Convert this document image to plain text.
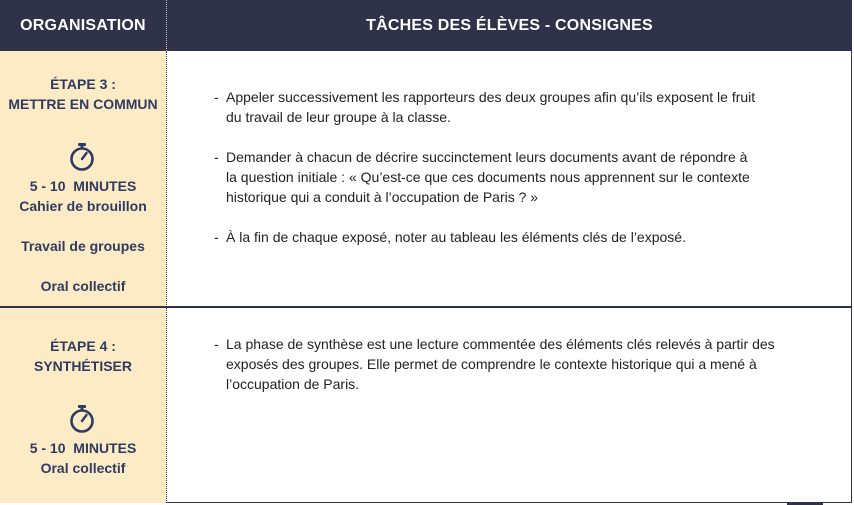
ORGANISATION	TÂCHES DES ÉLÈVES - CONSIGNES
ÉTAPE 3 :
METTRE EN COMMUN
5 - 10  MINUTES
Cahier de brouillon
Travail de groupes
Oral collectif
- Appeler successivement les rapporteurs des deux groupes afin qu’ils exposent le fruit
du travail de leur groupe à la classe.
- Demander à chacun de décrire succinctement leurs documents avant de répondre à
la question initiale : « Qu’est-ce que ces documents nous apprennent sur le contexte
historique qui a conduit à l’occupation de Paris ? »
- À la fin de chaque exposé, noter au tableau les éléments clés de l’exposé.
ÉTAPE 4 :
SYNTHÉTISER
5 - 10  MINUTES
Oral collectif
- La phase de synthèse est une lecture commentée des éléments clés relevés à partir des
exposés des groupes. Elle permet de comprendre le contexte historique qui a mené à
l’occupation de Paris.
